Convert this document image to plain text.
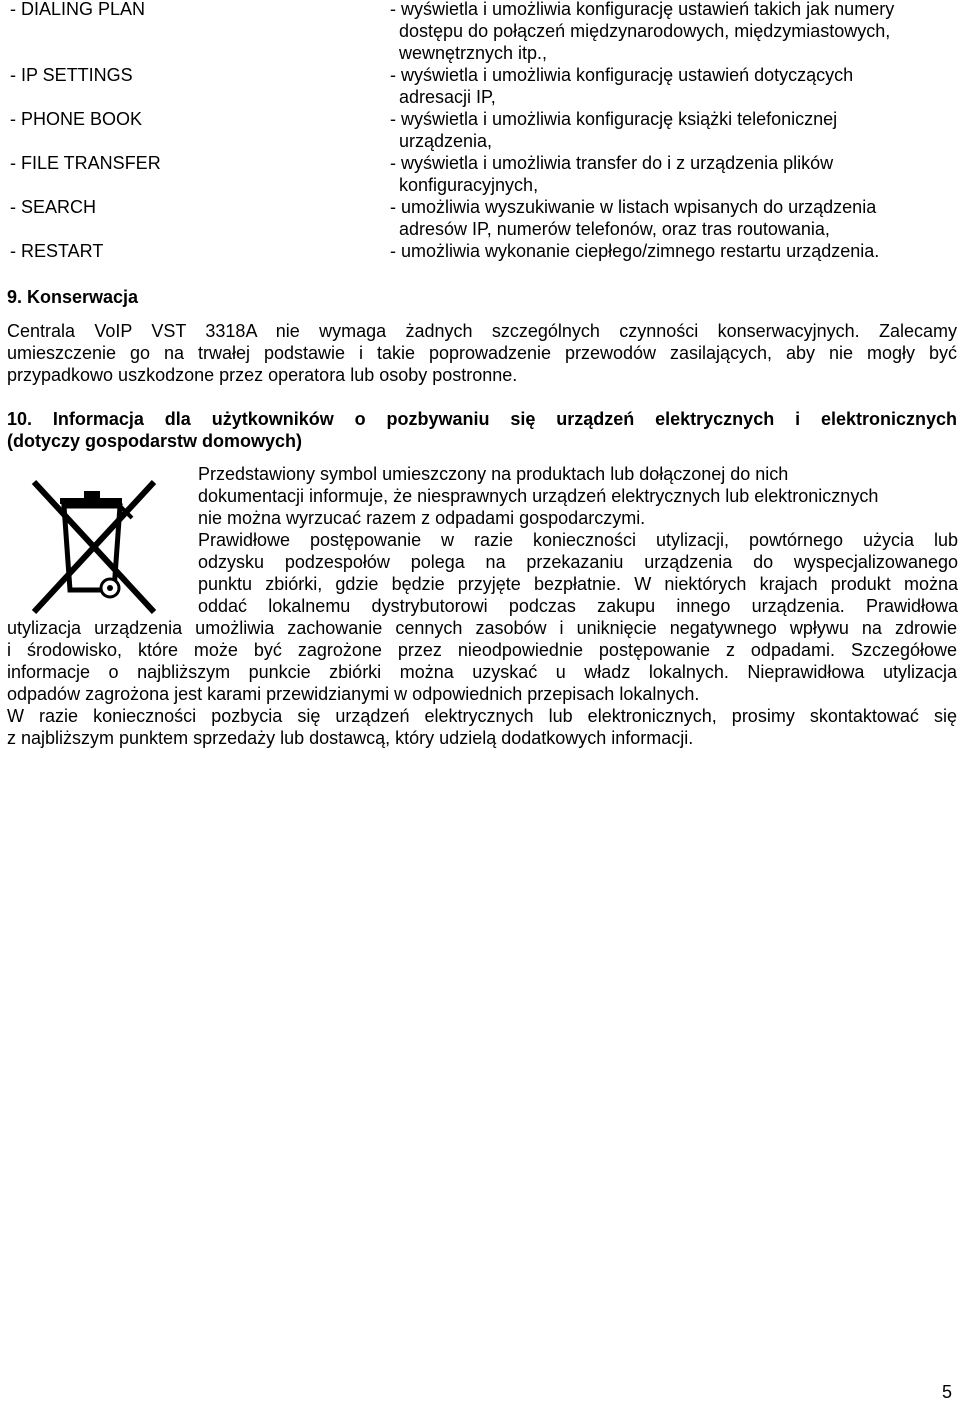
- DIALING PLAN	- wyświetla i umożliwia konfigurację ustawień takich jak numery
dostępu do połączeń międzynarodowych, międzymiastowych,
wewnętrznych itp.,
- IP SETTINGS	- wyświetla i umożliwia konfigurację ustawień dotyczących
adresacji IP,
- PHONE BOOK	- wyświetla i umożliwia konfigurację książki telefonicznej
urządzenia,
- FILE TRANSFER	- wyświetla i umożliwia transfer do i z urządzenia plików
konfiguracyjnych,
- SEARCH	- umożliwia wyszukiwanie w listach wpisanych do urządzenia
adresów IP, numerów telefonów, oraz tras routowania,
- RESTART	- umożliwia wykonanie ciepłego/zimnego restartu urządzenia.
9. Konserwacja
Centrala VoIP VST 3318A nie wymaga żadnych szczególnych czynności konserwacyjnych. Zalecamy
umieszczenie go na trwałej podstawie i takie poprowadzenie przewodów zasilających, aby nie mogły być
przypadkowo uszkodzone przez operatora lub osoby postronne.
10. Informacja dla użytkowników o pozbywaniu się urządzeń elektrycznych i elektronicznych
(dotyczy gospodarstw domowych)
Przedstawiony symbol umieszczony na produktach lub dołączonej do nich
dokumentacji informuje, że niesprawnych urządzeń elektrycznych lub elektronicznych
nie można wyrzucać razem z odpadami gospodarczymi.
Prawidłowe postępowanie w razie konieczności utylizacji, powtórnego użycia lub
odzysku podzespołów polega na przekazaniu urządzenia do wyspecjalizowanego
punktu zbiórki, gdzie będzie przyjęte bezpłatnie. W niektórych krajach produkt można
oddać lokalnemu dystrybutorowi podczas zakupu innego urządzenia. Prawidłowa
utylizacja urządzenia umożliwia zachowanie cennych zasobów i uniknięcie negatywnego wpływu na zdrowie
i środowisko, które może być zagrożone przez nieodpowiednie postępowanie z odpadami. Szczegółowe
informacje o najbliższym punkcie zbiórki można uzyskać u władz lokalnych. Nieprawidłowa utylizacja
odpadów zagrożona jest karami przewidzianymi w odpowiednich przepisach lokalnych.
W razie konieczności pozbycia się urządzeń elektrycznych lub elektronicznych, prosimy skontaktować się
z najbliższym punktem sprzedaży lub dostawcą, który udzielą dodatkowych informacji.
5
